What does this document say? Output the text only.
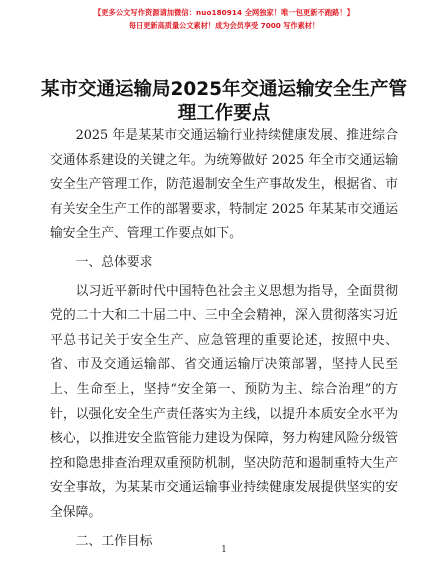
【更多公文写作资源请加微信：nuo180914 全网独家！唯一包更新不跑路！】
每日更新高质量公文素材！成为会员享受 7000 写作素材！
某市交通运输局2025年交通运输安全生产管理工作要点

2025 年是某某市交通运输行业持续健康发展、推进综合交通体系建设的关键之年。为统筹做好 2025 年全市交通运输安全生产管理工作，防范遏制安全生产事故发生，根据省、市有关安全生产工作的部署要求，特制定 2025 年某某市交通运输安全生产、管理工作要点如下。

一、总体要求

以习近平新时代中国特色社会主义思想为指导，全面贯彻党的二十大和二十届二中、三中全会精神，深入贯彻落实习近平总书记关于安全生产、应急管理的重要论述，按照中央、省、市及交通运输部、省交通运输厅决策部署，坚持人民至上、生命至上，坚持“安全第一、预防为主、综合治理”的方针，以强化安全生产责任落实为主线，以提升本质安全水平为核心，以推进安全监管能力建设为保障，努力构建风险分级管控和隐患排查治理双重预防机制，坚决防范和遏制重特大生产安全事故，为某某市交通运输事业持续健康发展提供坚实的安全保障。

二、工作目标

1
